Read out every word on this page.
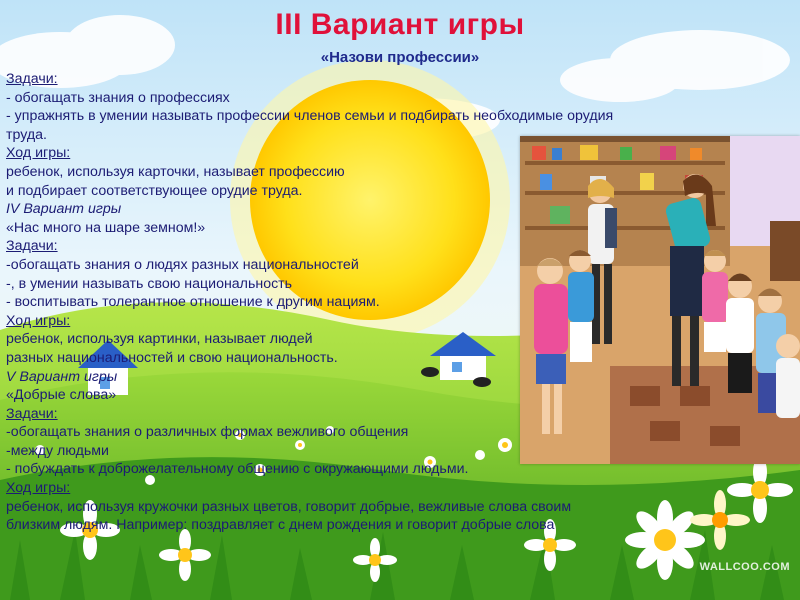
III Вариант игры
«Назови профессии»
Задачи:
- обогащать знания о профессиях
- упражнять в умении называть профессии членов семьи и подбирать необходимые орудия
труда.
Ход игры:
ребенок, используя карточки, называет профессию
и подбирает соответствующее орудие труда.
IV Вариант игры
«Нас много на шаре земном!»
Задачи:
-обогащать знания о людях разных национальностей
-, в умении называть свою национальность
- воспитывать толерантное отношение к другим нациям.
Ход игры:
ребенок, используя картинки, называет людей
разных национальностей и свою национальность.
V Вариант игры
«Добрые слова»
Задачи:
-обогащать знания о различных формах вежливого общения
-между людьми
- побуждать к доброжелательному общению с окружающими людьми.
Ход игры:
ребенок, используя кружочки разных цветов, говорит добрые, вежливые слова своим
близким людям. Например: поздравляет с днем рождения и говорит добрые слова
WALLCOO.COM
